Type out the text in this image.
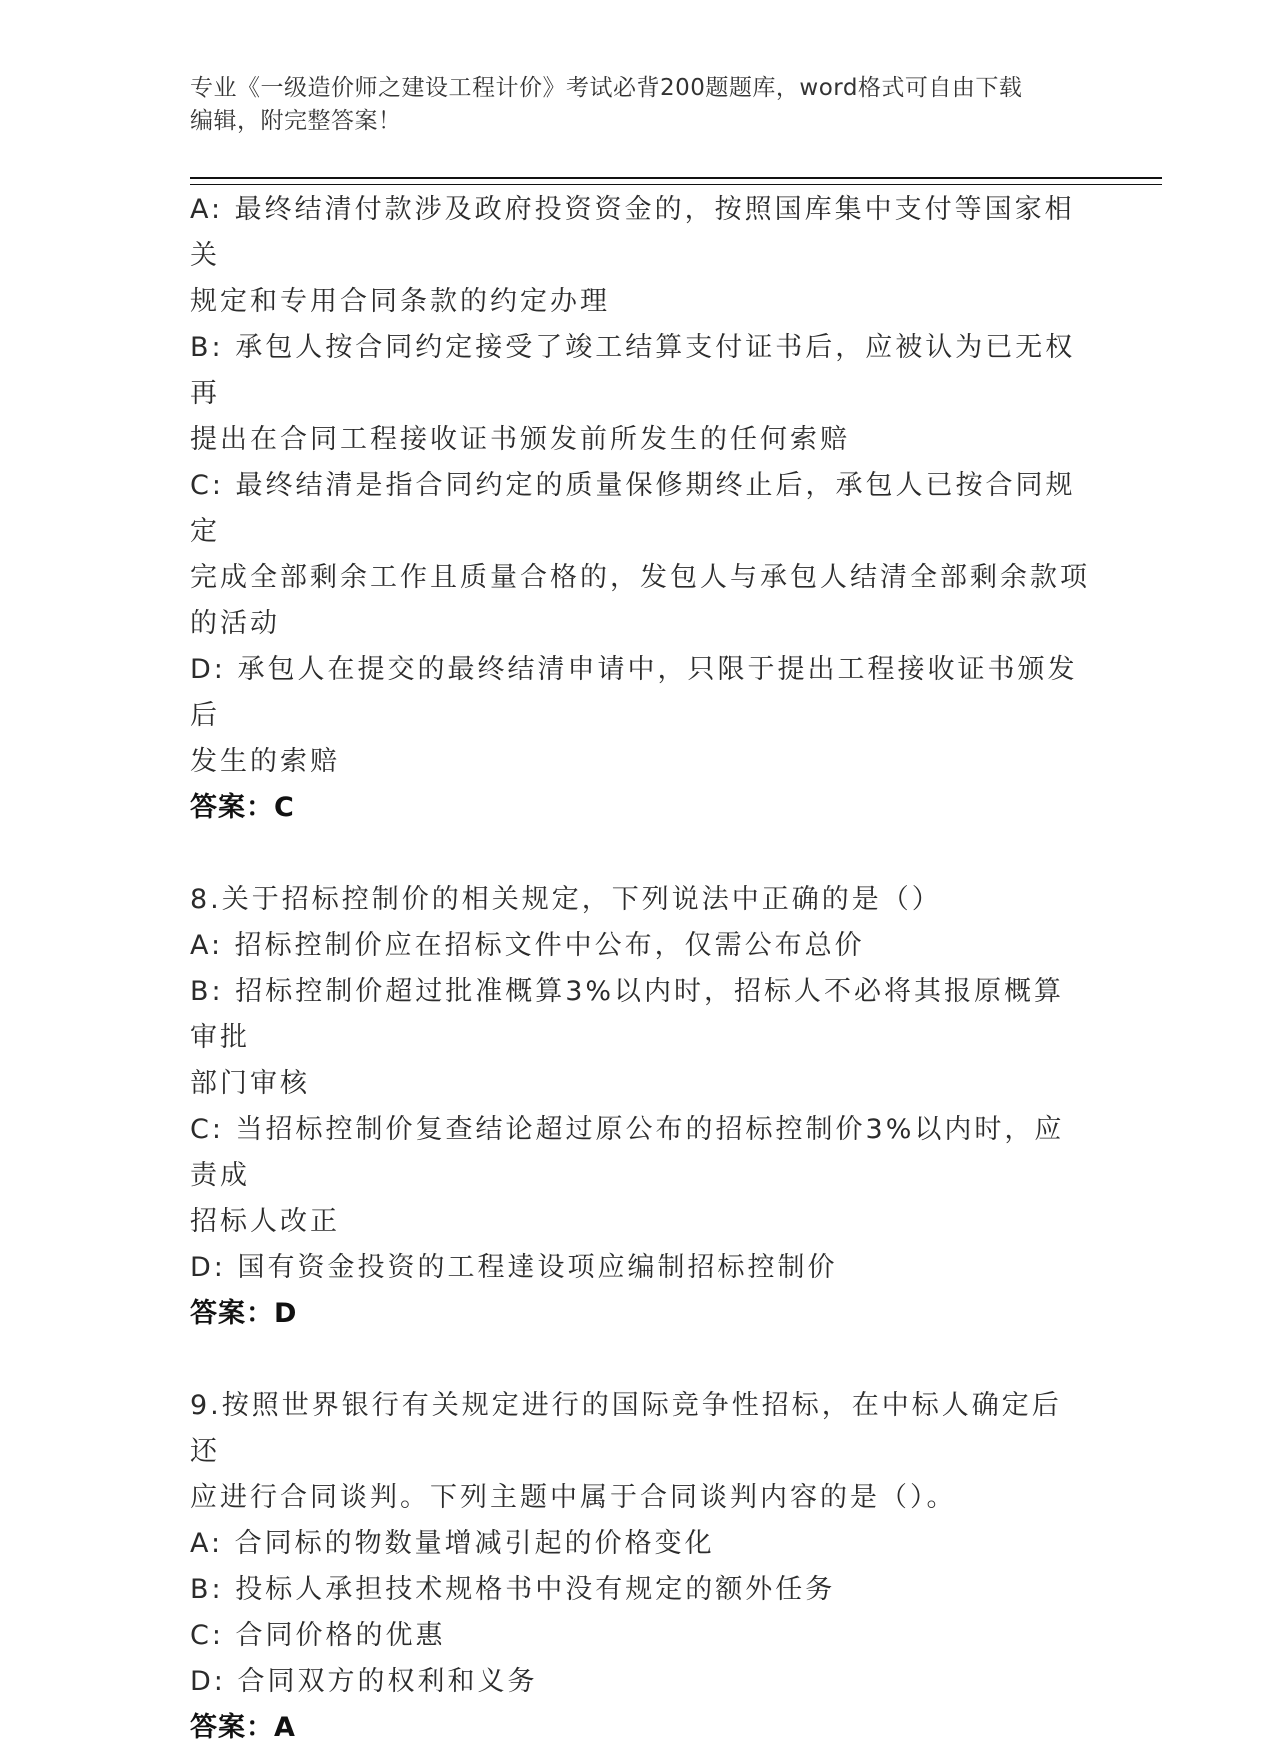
专业《一级造价师之建设工程计价》考试必背200题题库，word格式可自由下载
编辑，附完整答案！

A: 最终结清付款涉及政府投资资金的，按照国库集中支付等国家相关

规定和专用合同条款的约定办理

B: 承包人按合同约定接受了竣工结算支付证书后，应被认为已无权再

提出在合同工程接收证书颁发前所发生的任何索赔

C: 最终结清是指合同约定的质量保修期终止后，承包人已按合同规定

完成全部剩余工作且质量合格的，发包人与承包人结清全部剩余款项

的活动

D: 承包人在提交的最终结清申请中，只限于提出工程接收证书颁发后

发生的索赔

答案：C

8.关于招标控制价的相关规定，下列说法中正确的是（）

A: 招标控制价应在招标文件中公布，仅需公布总价

B: 招标控制价超过批准概算3%以内时，招标人不必将其报原概算审批

部门审核

C: 当招标控制价复查结论超过原公布的招标控制价3%以内时，应责成

招标人改正

D: 国有资金投资的工程達设项应编制招标控制价

答案：D

9.按照世界银行有关规定进行的国际竞争性招标，在中标人确定后还

应进行合同谈判。下列主题中属于合同谈判内容的是（）。

A: 合同标的物数量增减引起的价格变化

B: 投标人承担技术规格书中没有规定的额外任务

C: 合同价格的优惠

D: 合同双方的权利和义务

答案：A
